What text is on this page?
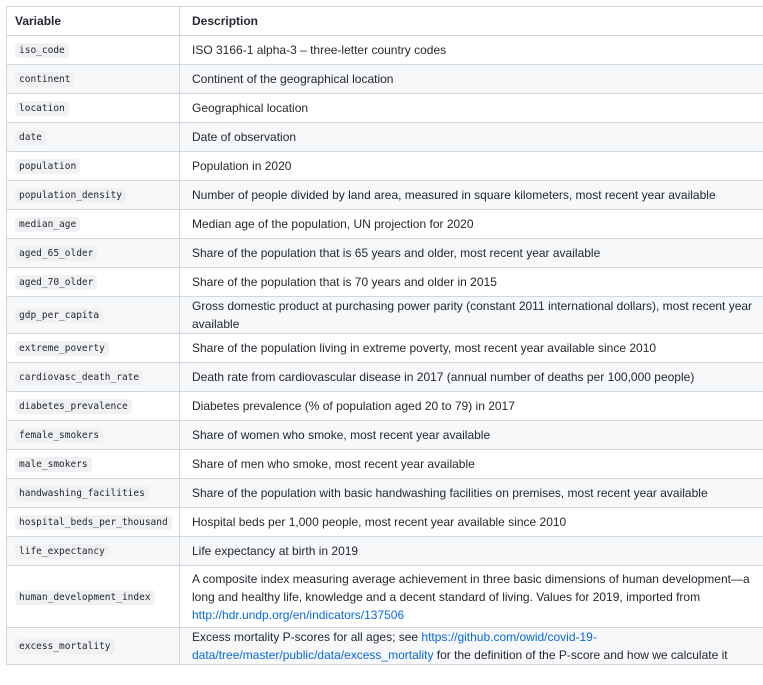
Variable	Description
iso_code	ISO 3166-1 alpha-3 – three-letter country codes
continent	Continent of the geographical location
location	Geographical location
date	Date of observation
population	Population in 2020
population_density	Number of people divided by land area, measured in square kilometers, most recent year available
median_age	Median age of the population, UN projection for 2020
aged_65_older	Share of the population that is 65 years and older, most recent year available
aged_70_older	Share of the population that is 70 years and older in 2015
gdp_per_capita	Gross domestic product at purchasing power parity (constant 2011 international dollars), most recent year available
extreme_poverty	Share of the population living in extreme poverty, most recent year available since 2010
cardiovasc_death_rate	Death rate from cardiovascular disease in 2017 (annual number of deaths per 100,000 people)
diabetes_prevalence	Diabetes prevalence (% of population aged 20 to 79) in 2017
female_smokers	Share of women who smoke, most recent year available
male_smokers	Share of men who smoke, most recent year available
handwashing_facilities	Share of the population with basic handwashing facilities on premises, most recent year available
hospital_beds_per_thousand	Hospital beds per 1,000 people, most recent year available since 2010
life_expectancy	Life expectancy at birth in 2019
human_development_index	A composite index measuring average achievement in three basic dimensions of human development—a long and healthy life, knowledge and a decent standard of living. Values for 2019, imported from http://hdr.undp.org/en/indicators/137506
excess_mortality	Excess mortality P-scores for all ages; see https://github.com/owid/covid-19-data/tree/master/public/data/excess_mortality for the definition of the P-score and how we calculate it
